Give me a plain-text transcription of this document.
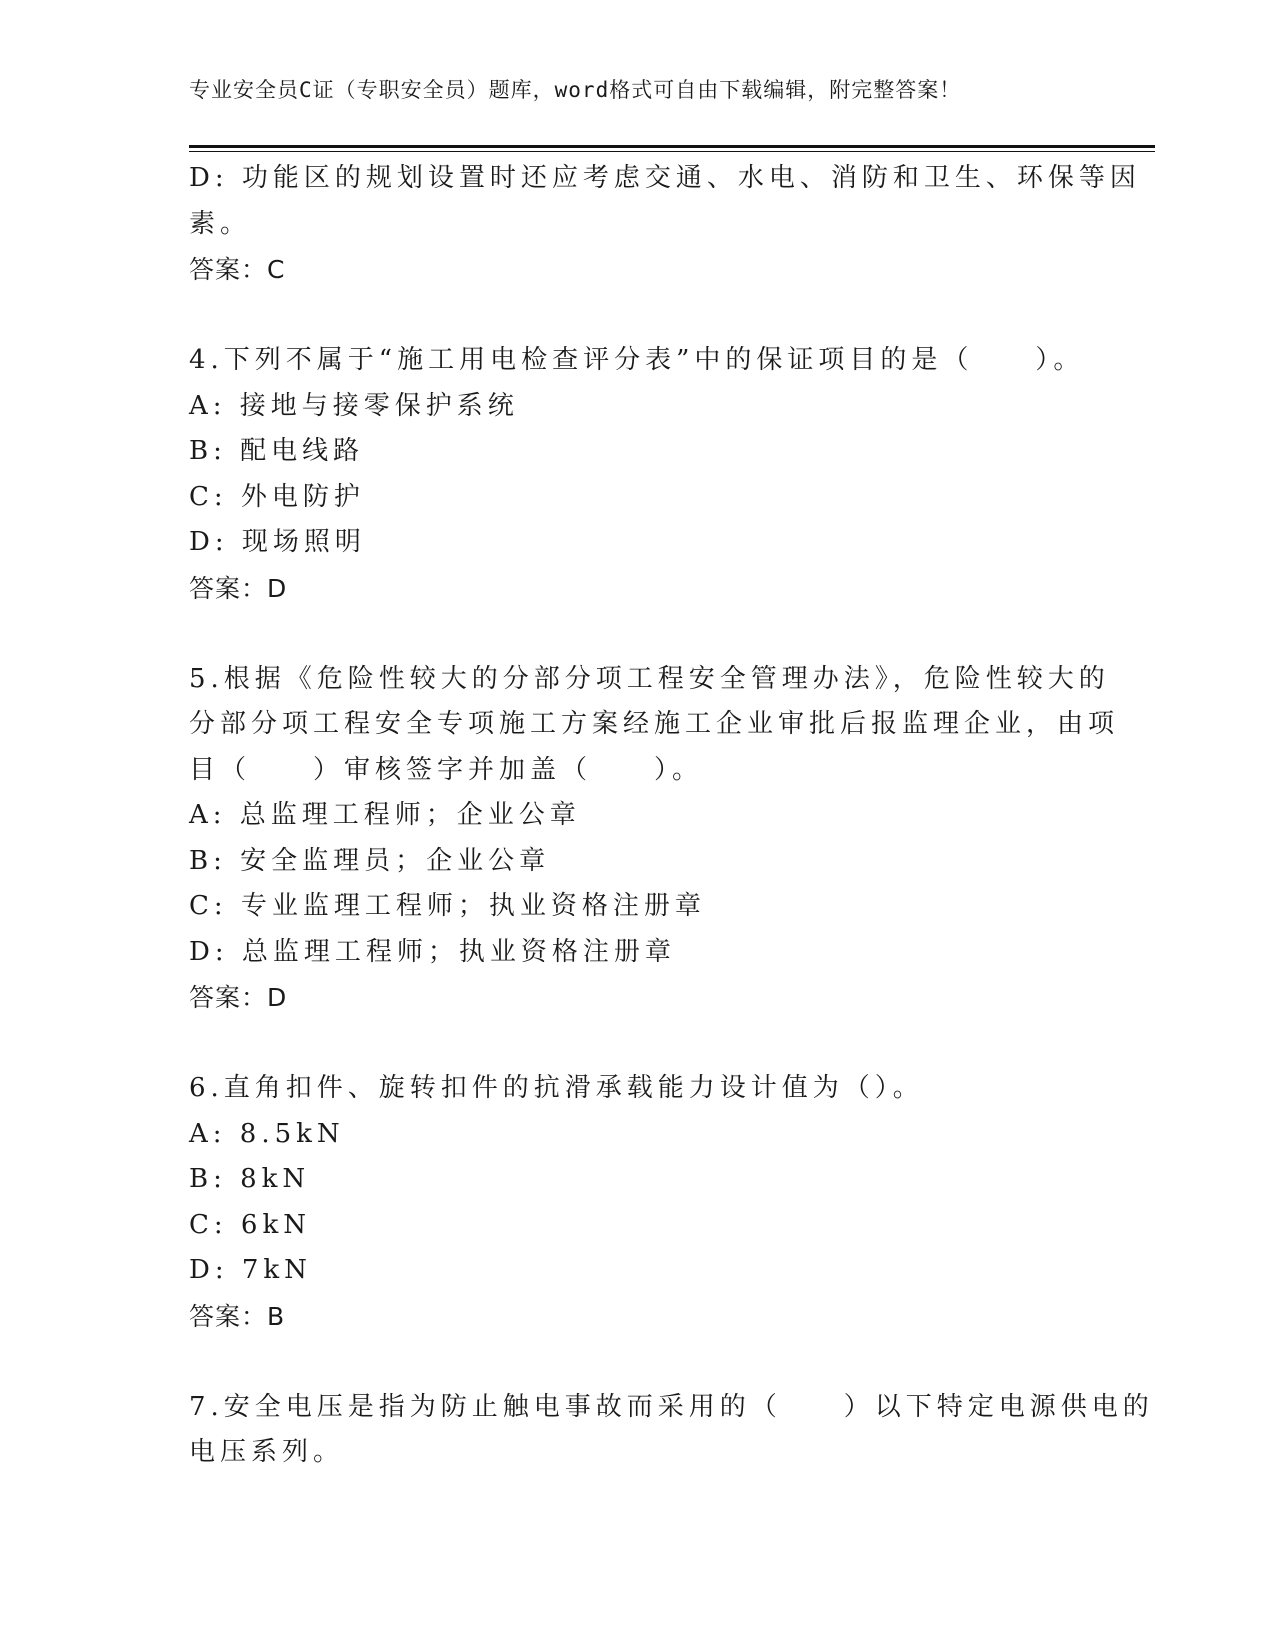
专业安全员C证（专职安全员）题库，word格式可自由下载编辑，附完整答案！
D: 功能区的规划设置时还应考虑交通、水电、消防和卫生、环保等因
素。
答案：C
4.下列不属于“施工用电检查评分表”中的保证项目的是（　　）。
A: 接地与接零保护系统
B: 配电线路
C: 外电防护
D: 现场照明
答案：D
5.根据《危险性较大的分部分项工程安全管理办法》，危险性较大的
分部分项工程安全专项施工方案经施工企业审批后报监理企业，由项
目（　　）审核签字并加盖（　　）。
A: 总监理工程师；企业公章
B: 安全监理员；企业公章
C: 专业监理工程师；执业资格注册章
D: 总监理工程师；执业资格注册章
答案：D
6.直角扣件、旋转扣件的抗滑承载能力设计值为（）。
A: 8.5kN
B: 8kN
C: 6kN
D: 7kN
答案：B
7.安全电压是指为防止触电事故而采用的（　　）以下特定电源供电的
电压系列。
